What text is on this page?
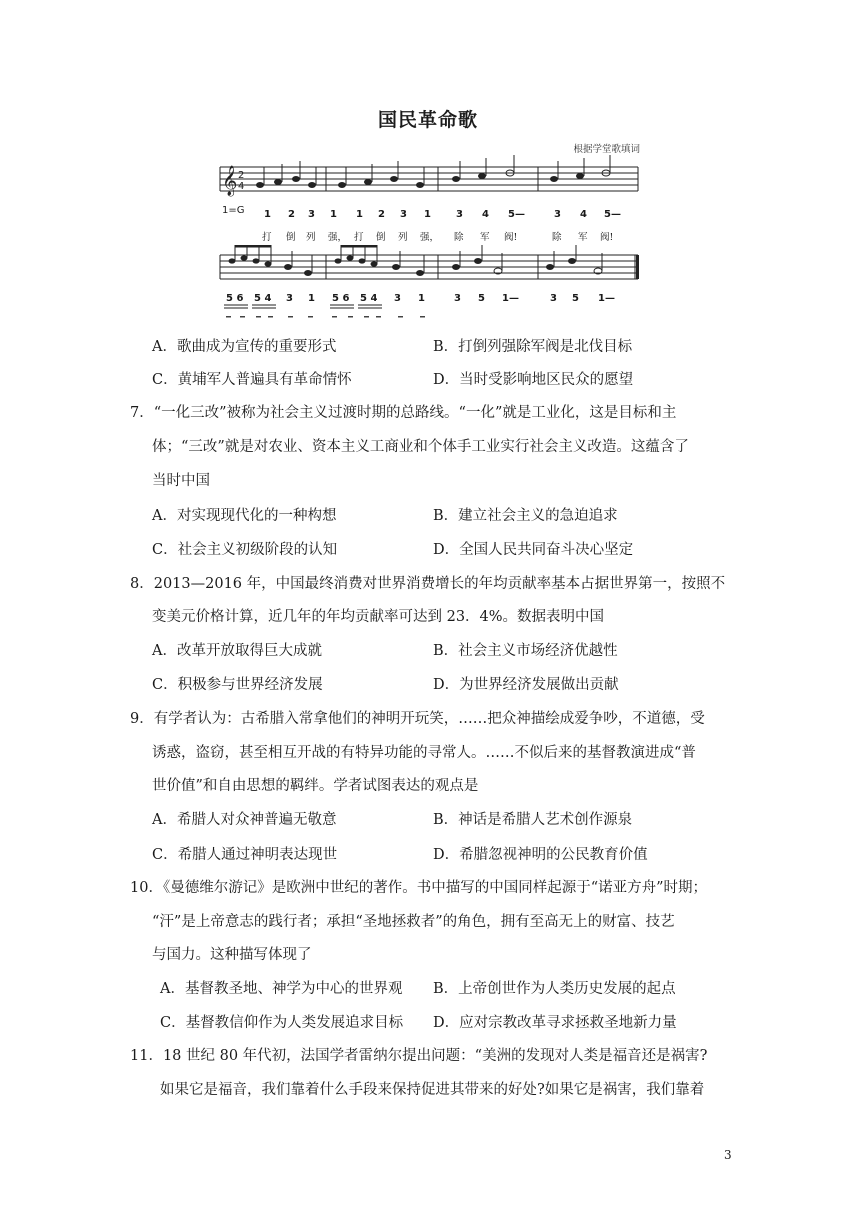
国民革命歌
根据学堂歌填词
𝄞 2
4
1=G 1 2 3 1 1 2 3 1	3 4 5—	3 4 5—
打 倒 列 强， 打 倒 列 强， 除 军 阀!	除 军 阀!
5 6 5 4 3 1 5 6 5 4 3 1	3 5 1—	3 5 1—
A．歌曲成为宣传的重要形式	B．打倒列强除军阀是北伐目标
C．黄埔军人普遍具有革命情怀	D．当时受影响地区民众的愿望
7．“一化三改”被称为社会主义过渡时期的总路线。“一化”就是工业化，这是目标和主
体；“三改”就是对农业、资本主义工商业和个体手工业实行社会主义改造。这蕴含了
当时中国
A．对实现现代化的一种构想	B．建立社会主义的急迫追求
C．社会主义初级阶段的认知	D．全国人民共同奋斗决心坚定
8．2013—2016 年，中国最终消费对世界消费增长的年均贡献率基本占据世界第一，按照不
变美元价格计算，近几年的年均贡献率可达到 23．4%。数据表明中国
A．改革开放取得巨大成就	B．社会主义市场经济优越性
C．积极参与世界经济发展	D．为世界经济发展做出贡献
9．有学者认为：古希腊入常拿他们的神明开玩笑，……把众神描绘成爱争吵，不道德，受
诱惑，盗窃，甚至相互开战的有特异功能的寻常人。……不似后来的基督教演进成“普
世价值”和自由思想的羁绊。学者试图表达的观点是
A．希腊人对众神普遍无敬意	B．神话是希腊人艺术创作源泉
C．希腊人通过神明表达现世	D．希腊忽视神明的公民教育价值
10．《曼德维尔游记》是欧洲中世纪的著作。书中描写的中国同样起源于“诺亚方舟”时期；
“汗”是上帝意志的践行者；承担“圣地拯救者”的角色，拥有至高无上的财富、技艺
与国力。这种描写体现了
A．基督教圣地、神学为中心的世界观 B．上帝创世作为人类历史发展的起点
C．基督教信仰作为人类发展追求目标 D．应对宗教改革寻求拯救圣地新力量
11．18 世纪 80 年代初，法国学者雷纳尔提出问题：“美洲的发现对人类是福音还是祸害?
如果它是福音，我们靠着什么手段来保持促进其带来的好处?如果它是祸害，我们靠着
3
